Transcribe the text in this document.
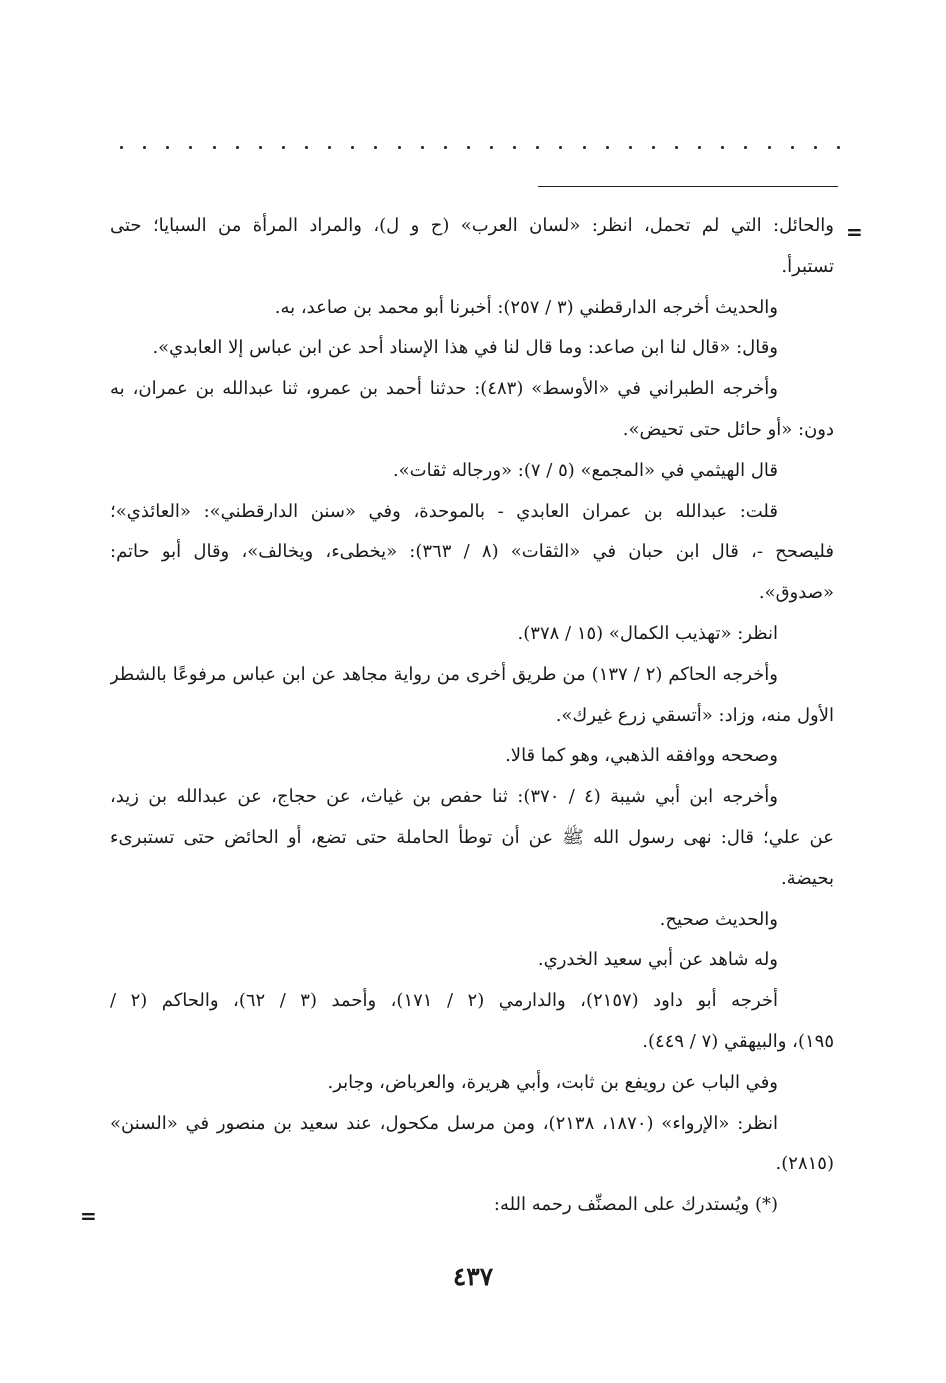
=
=
والحائل: التي لم تحمل، انظر: «لسان العرب» (ح و ل)، والمراد المرأة من السبايا؛ حتى
تستبرأ.
والحديث أخرجه الدارقطني (٣ / ٢٥٧): أخبرنا أبو محمد بن صاعد، به.
وقال: «قال لنا ابن صاعد: وما قال لنا في هذا الإسناد أحد عن ابن عباس إلا العابدي».
وأخرجه الطبراني في «الأوسط» (٤٨٣): حدثنا أحمد بن عمرو، ثنا عبدالله بن عمران، به
دون: «أو حائل حتى تحيض».
قال الهيثمي في «المجمع» (٥ / ٧): «ورجاله ثقات».
قلت: عبدالله بن عمران العابدي - بالموحدة، وفي «سنن الدارقطني»: «العائذي»؛
فليصحح -، قال ابن حبان في «الثقات» (٨ / ٣٦٣): «يخطىء، ويخالف»، وقال أبو حاتم:
«صدوق».
انظر: «تهذيب الكمال» (١٥ / ٣٧٨).
وأخرجه الحاكم (٢ / ١٣٧) من طريق أخرى من رواية مجاهد عن ابن عباس مرفوعًا بالشطر
الأول منه، وزاد: «أتسقي زرع غيرك».
وصححه ووافقه الذهبي، وهو كما قالا.
وأخرجه ابن أبي شيبة (٤ / ٣٧٠): ثنا حفص بن غياث، عن حجاج، عن عبدالله بن زيد،
عن علي؛ قال: نهى رسول الله ﷺ عن أن توطأ الحاملة حتى تضع، أو الحائض حتى تستبرىء
بحيضة.
والحديث صحيح.
وله شاهد عن أبي سعيد الخدري.
أخرجه أبو داود (٢١٥٧)، والدارمي (٢ / ١٧١)، وأحمد (٣ / ٦٢)، والحاكم (٢ /
١٩٥)، والبيهقي (٧ / ٤٤٩).
وفي الباب عن رويفع بن ثابت، وأبي هريرة، والعرباض، وجابر.
انظر: «الإرواء» (١٨٧٠، ٢١٣٨)، ومن مرسل مكحول، عند سعيد بن منصور في «السنن»
(٢٨١٥).
(*) ويُستدرك على المصنِّف رحمه الله:
٤٣٧
